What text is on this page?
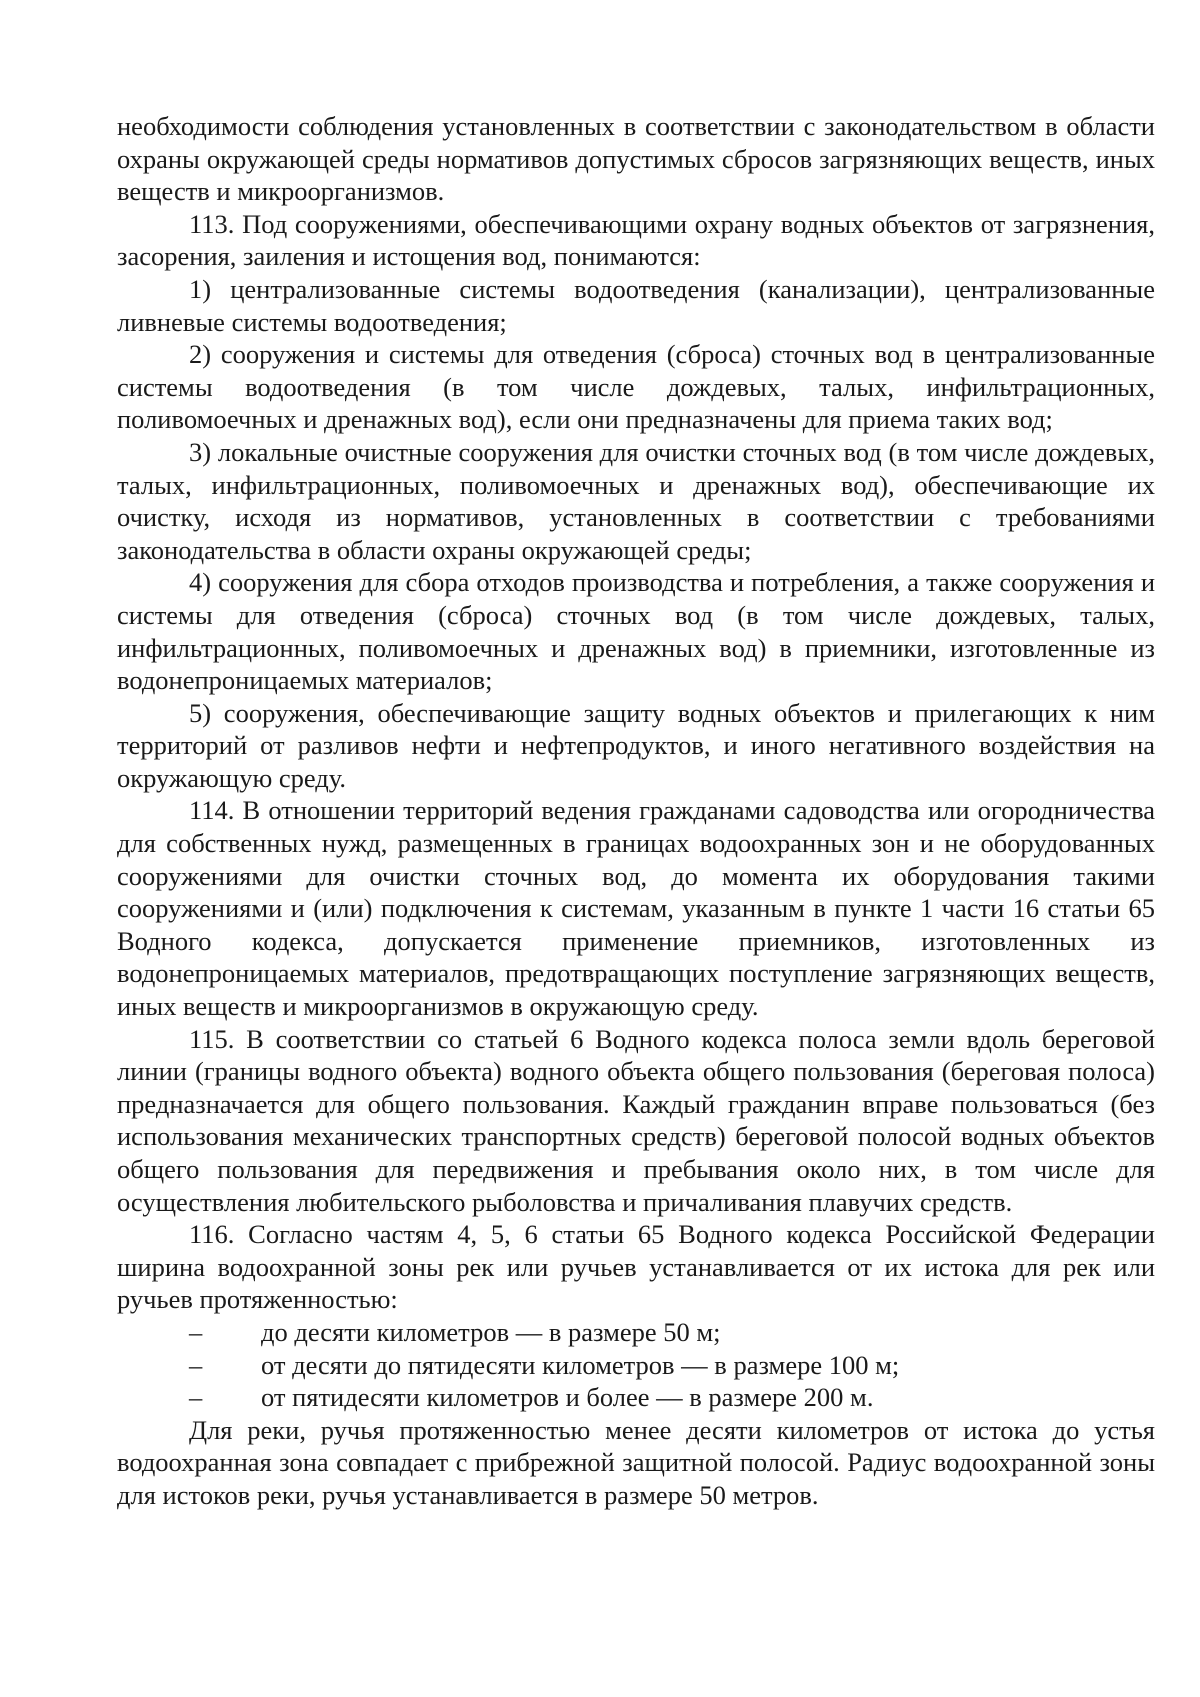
необходимости соблюдения установленных в соответствии с законодательством в области охраны окружающей среды нормативов допустимых сбросов загрязняющих веществ, иных веществ и микроорганизмов.

113. Под сооружениями, обеспечивающими охрану водных объектов от загрязнения, засорения, заиления и истощения вод, понимаются:

1) централизованные системы водоотведения (канализации), централизованные ливневые системы водоотведения;

2) сооружения и системы для отведения (сброса) сточных вод в централизованные системы водоотведения (в том числе дождевых, талых, инфильтрационных, поливомоечных и дренажных вод), если они предназначены для приема таких вод;

3) локальные очистные сооружения для очистки сточных вод (в том числе дождевых, талых, инфильтрационных, поливомоечных и дренажных вод), обеспечивающие их очистку, исходя из нормативов, установленных в соответствии с требованиями законодательства в области охраны окружающей среды;

4) сооружения для сбора отходов производства и потребления, а также сооружения и системы для отведения (сброса) сточных вод (в том числе дождевых, талых, инфильтрационных, поливомоечных и дренажных вод) в приемники, изготовленные из водонепроницаемых материалов;

5) сооружения, обеспечивающие защиту водных объектов и прилегающих к ним территорий от разливов нефти и нефтепродуктов, и иного негативного воздействия на окружающую среду.

114. В отношении территорий ведения гражданами садоводства или огородничества для собственных нужд, размещенных в границах водоохранных зон и не оборудованных сооружениями для очистки сточных вод, до момента их оборудования такими сооружениями и (или) подключения к системам, указанным в пункте 1 части 16 статьи 65 Водного кодекса, допускается применение приемников, изготовленных из водонепроницаемых материалов, предотвращающих поступление загрязняющих веществ, иных веществ и микроорганизмов в окружающую среду.

115. В соответствии со статьей 6 Водного кодекса полоса земли вдоль береговой линии (границы водного объекта) водного объекта общего пользования (береговая полоса) предназначается для общего пользования. Каждый гражданин вправе пользоваться (без использования механических транспортных средств) береговой полосой водных объектов общего пользования для передвижения и пребывания около них, в том числе для осуществления любительского рыболовства и причаливания плавучих средств.

116. Согласно частям 4, 5, 6 статьи 65 Водного кодекса Российской Федерации ширина водоохранной зоны рек или ручьев устанавливается от их истока для рек или ручьев протяженностью:

–	до десяти километров — в размере 50 м;
–	от десяти до пятидесяти километров — в размере 100 м;
–	от пятидесяти километров и более — в размере 200 м.

Для реки, ручья протяженностью менее десяти километров от истока до устья водоохранная зона совпадает с прибрежной защитной полосой. Радиус водоохранной зоны для истоков реки, ручья устанавливается в размере 50 метров.
